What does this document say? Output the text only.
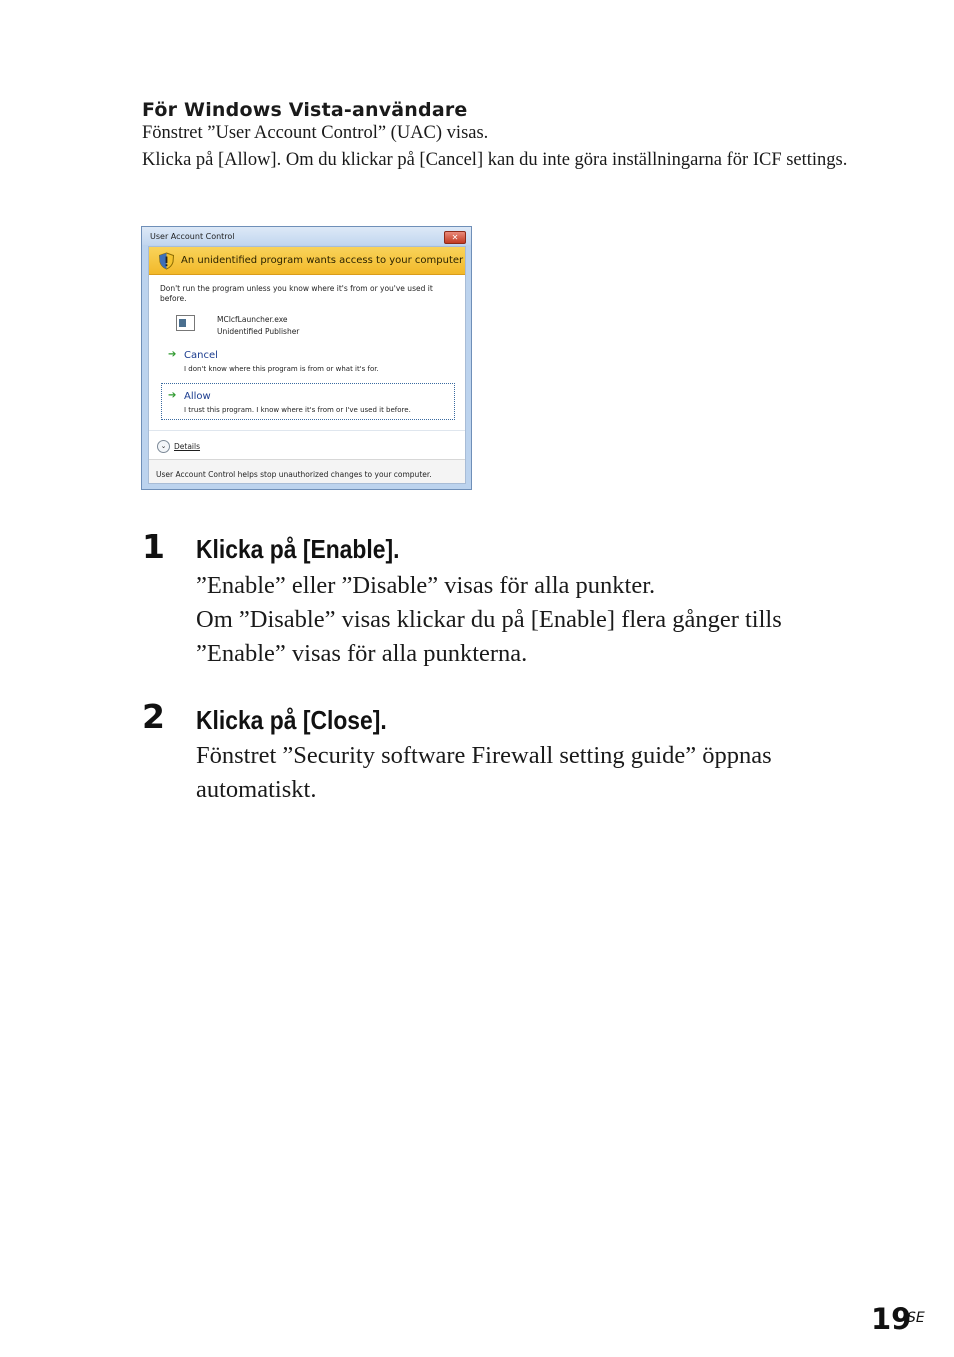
För Windows Vista-användare
Fönstret ”User Account Control” (UAC) visas.
Klicka på [Allow]. Om du klickar på [Cancel] kan du inte göra inställningarna för ICF settings.
User Account Control	✕
An unidentified program wants access to your computer
Don't run the program unless you know where it's from or you've used it before.
MCIcfLauncher.exe
Unidentified Publisher
➔ Cancel
I don't know where this program is from or what it's for.
➔ Allow
I trust this program. I know where it's from or I've used it before.
⌄	Details
User Account Control helps stop unauthorized changes to your computer.
1 Klicka på [Enable].
”Enable” eller ”Disable” visas för alla punkter.
Om ”Disable” visas klickar du på [Enable] flera gånger tills
”Enable” visas för alla punkterna.
2 Klicka på [Close].
Fönstret ”Security software Firewall setting guide” öppnas
automatiskt.
19
SE
